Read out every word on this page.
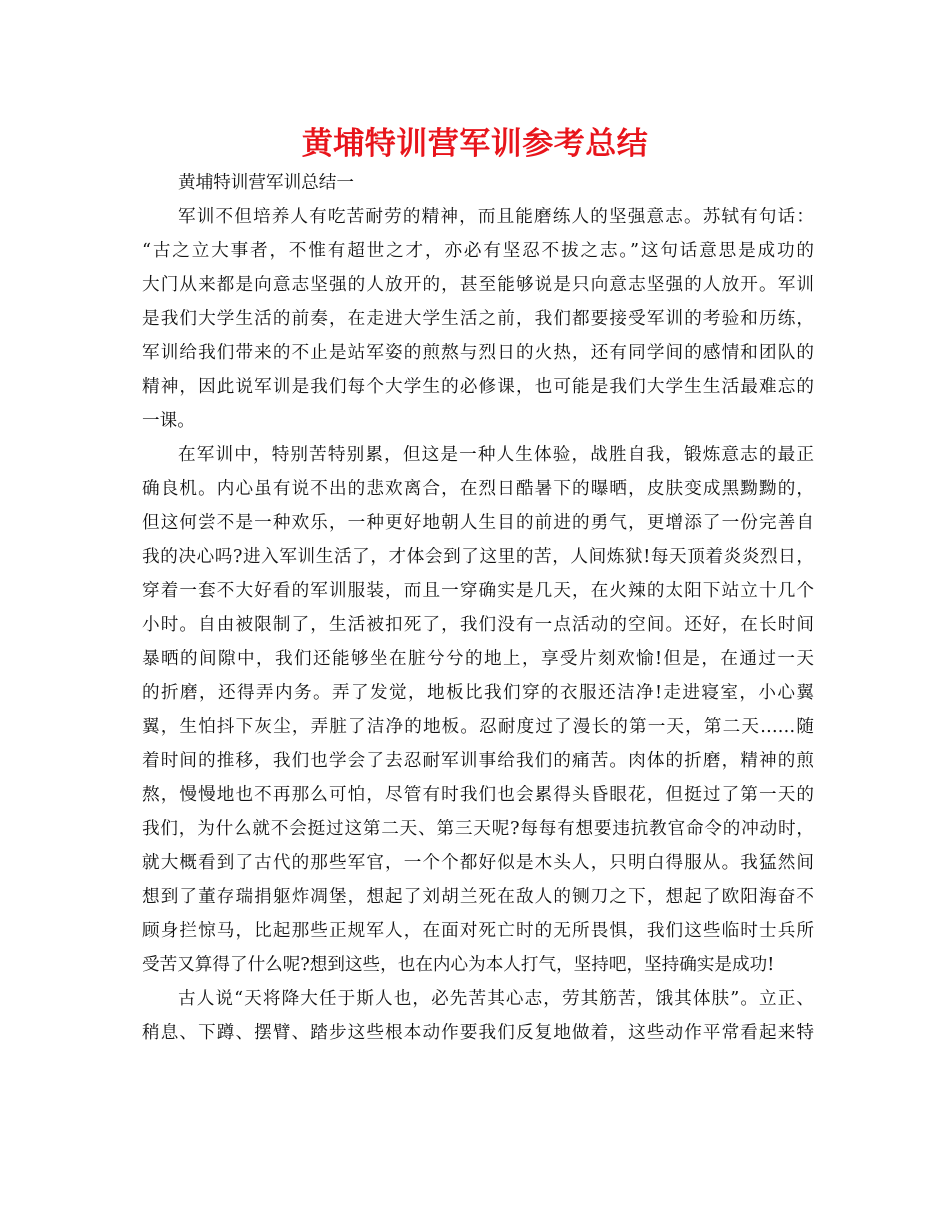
黄埔特训营军训参考总结
黄埔特训营军训总结一
军训不但培养人有吃苦耐劳的精神，而且能磨练人的坚强意志。苏轼有句话：
“古之立大事者，不惟有超世之才，亦必有坚忍不拔之志。”这句话意思是成功的
大门从来都是向意志坚强的人放开的，甚至能够说是只向意志坚强的人放开。军训
是我们大学生活的前奏，在走进大学生活之前，我们都要接受军训的考验和历练，
军训给我们带来的不止是站军姿的煎熬与烈日的火热，还有同学间的感情和团队的
精神，因此说军训是我们每个大学生的必修课，也可能是我们大学生生活最难忘的
一课。
在军训中，特别苦特别累，但这是一种人生体验，战胜自我，锻炼意志的最正
确良机。内心虽有说不出的悲欢离合，在烈日酷暑下的曝晒，皮肤变成黑黝黝的，
但这何尝不是一种欢乐，一种更好地朝人生目的前进的勇气，更增添了一份完善自
我的决心吗?进入军训生活了，才体会到了这里的苦，人间炼狱!每天顶着炎炎烈日，
穿着一套不大好看的军训服装，而且一穿确实是几天，在火辣的太阳下站立十几个
小时。自由被限制了，生活被扣死了，我们没有一点活动的空间。还好，在长时间
暴晒的间隙中，我们还能够坐在脏兮兮的地上，享受片刻欢愉!但是，在通过一天
的折磨，还得弄内务。弄了发觉，地板比我们穿的衣服还洁净!走进寝室，小心翼
翼，生怕抖下灰尘，弄脏了洁净的地板。忍耐度过了漫长的第一天，第二天……随
着时间的推移，我们也学会了去忍耐军训事给我们的痛苦。肉体的折磨，精神的煎
熬，慢慢地也不再那么可怕，尽管有时我们也会累得头昏眼花，但挺过了第一天的
我们，为什么就不会挺过这第二天、第三天呢?每每有想要违抗教官命令的冲动时，
就大概看到了古代的那些军官，一个个都好似是木头人，只明白得服从。我猛然间
想到了董存瑞捐躯炸凋堡，想起了刘胡兰死在敌人的铡刀之下，想起了欧阳海奋不
顾身拦惊马，比起那些正规军人，在面对死亡时的无所畏惧，我们这些临时士兵所
受苦又算得了什么呢?想到这些，也在内心为本人打气，坚持吧，坚持确实是成功!
古人说“天将降大任于斯人也，必先苦其心志，劳其筋苦，饿其体肤”。立正、
稍息、下蹲、摆臂、踏步这些根本动作要我们反复地做着，这些动作平常看起来特
